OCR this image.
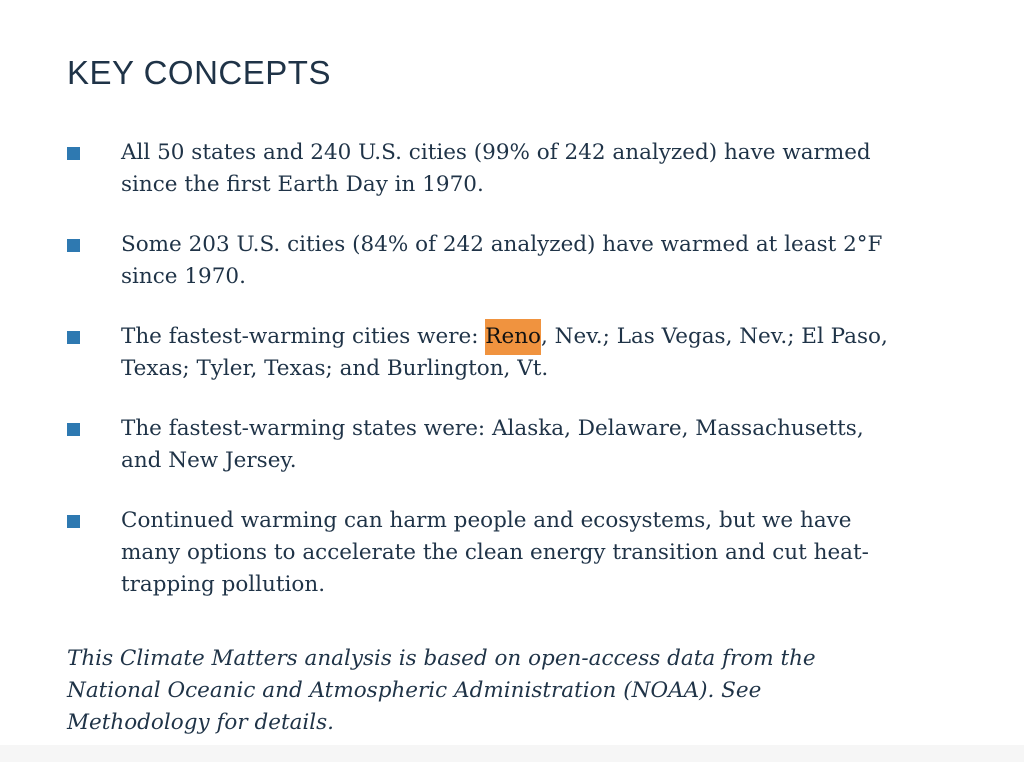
KEY CONCEPTS
All 50 states and 240 U.S. cities (99% of 242 analyzed) have warmed
since the first Earth Day in 1970.
Some 203 U.S. cities (84% of 242 analyzed) have warmed at least 2°F
since 1970.
The fastest-warming cities were: Reno, Nev.; Las Vegas, Nev.; El Paso,
Texas; Tyler, Texas; and Burlington, Vt.
The fastest-warming states were: Alaska, Delaware, Massachusetts,
and New Jersey.
Continued warming can harm people and ecosystems, but we have
many options to accelerate the clean energy transition and cut heat-
trapping pollution.
This Climate Matters analysis is based on open-access data from the
National Oceanic and Atmospheric Administration (NOAA). See
Methodology for details.
